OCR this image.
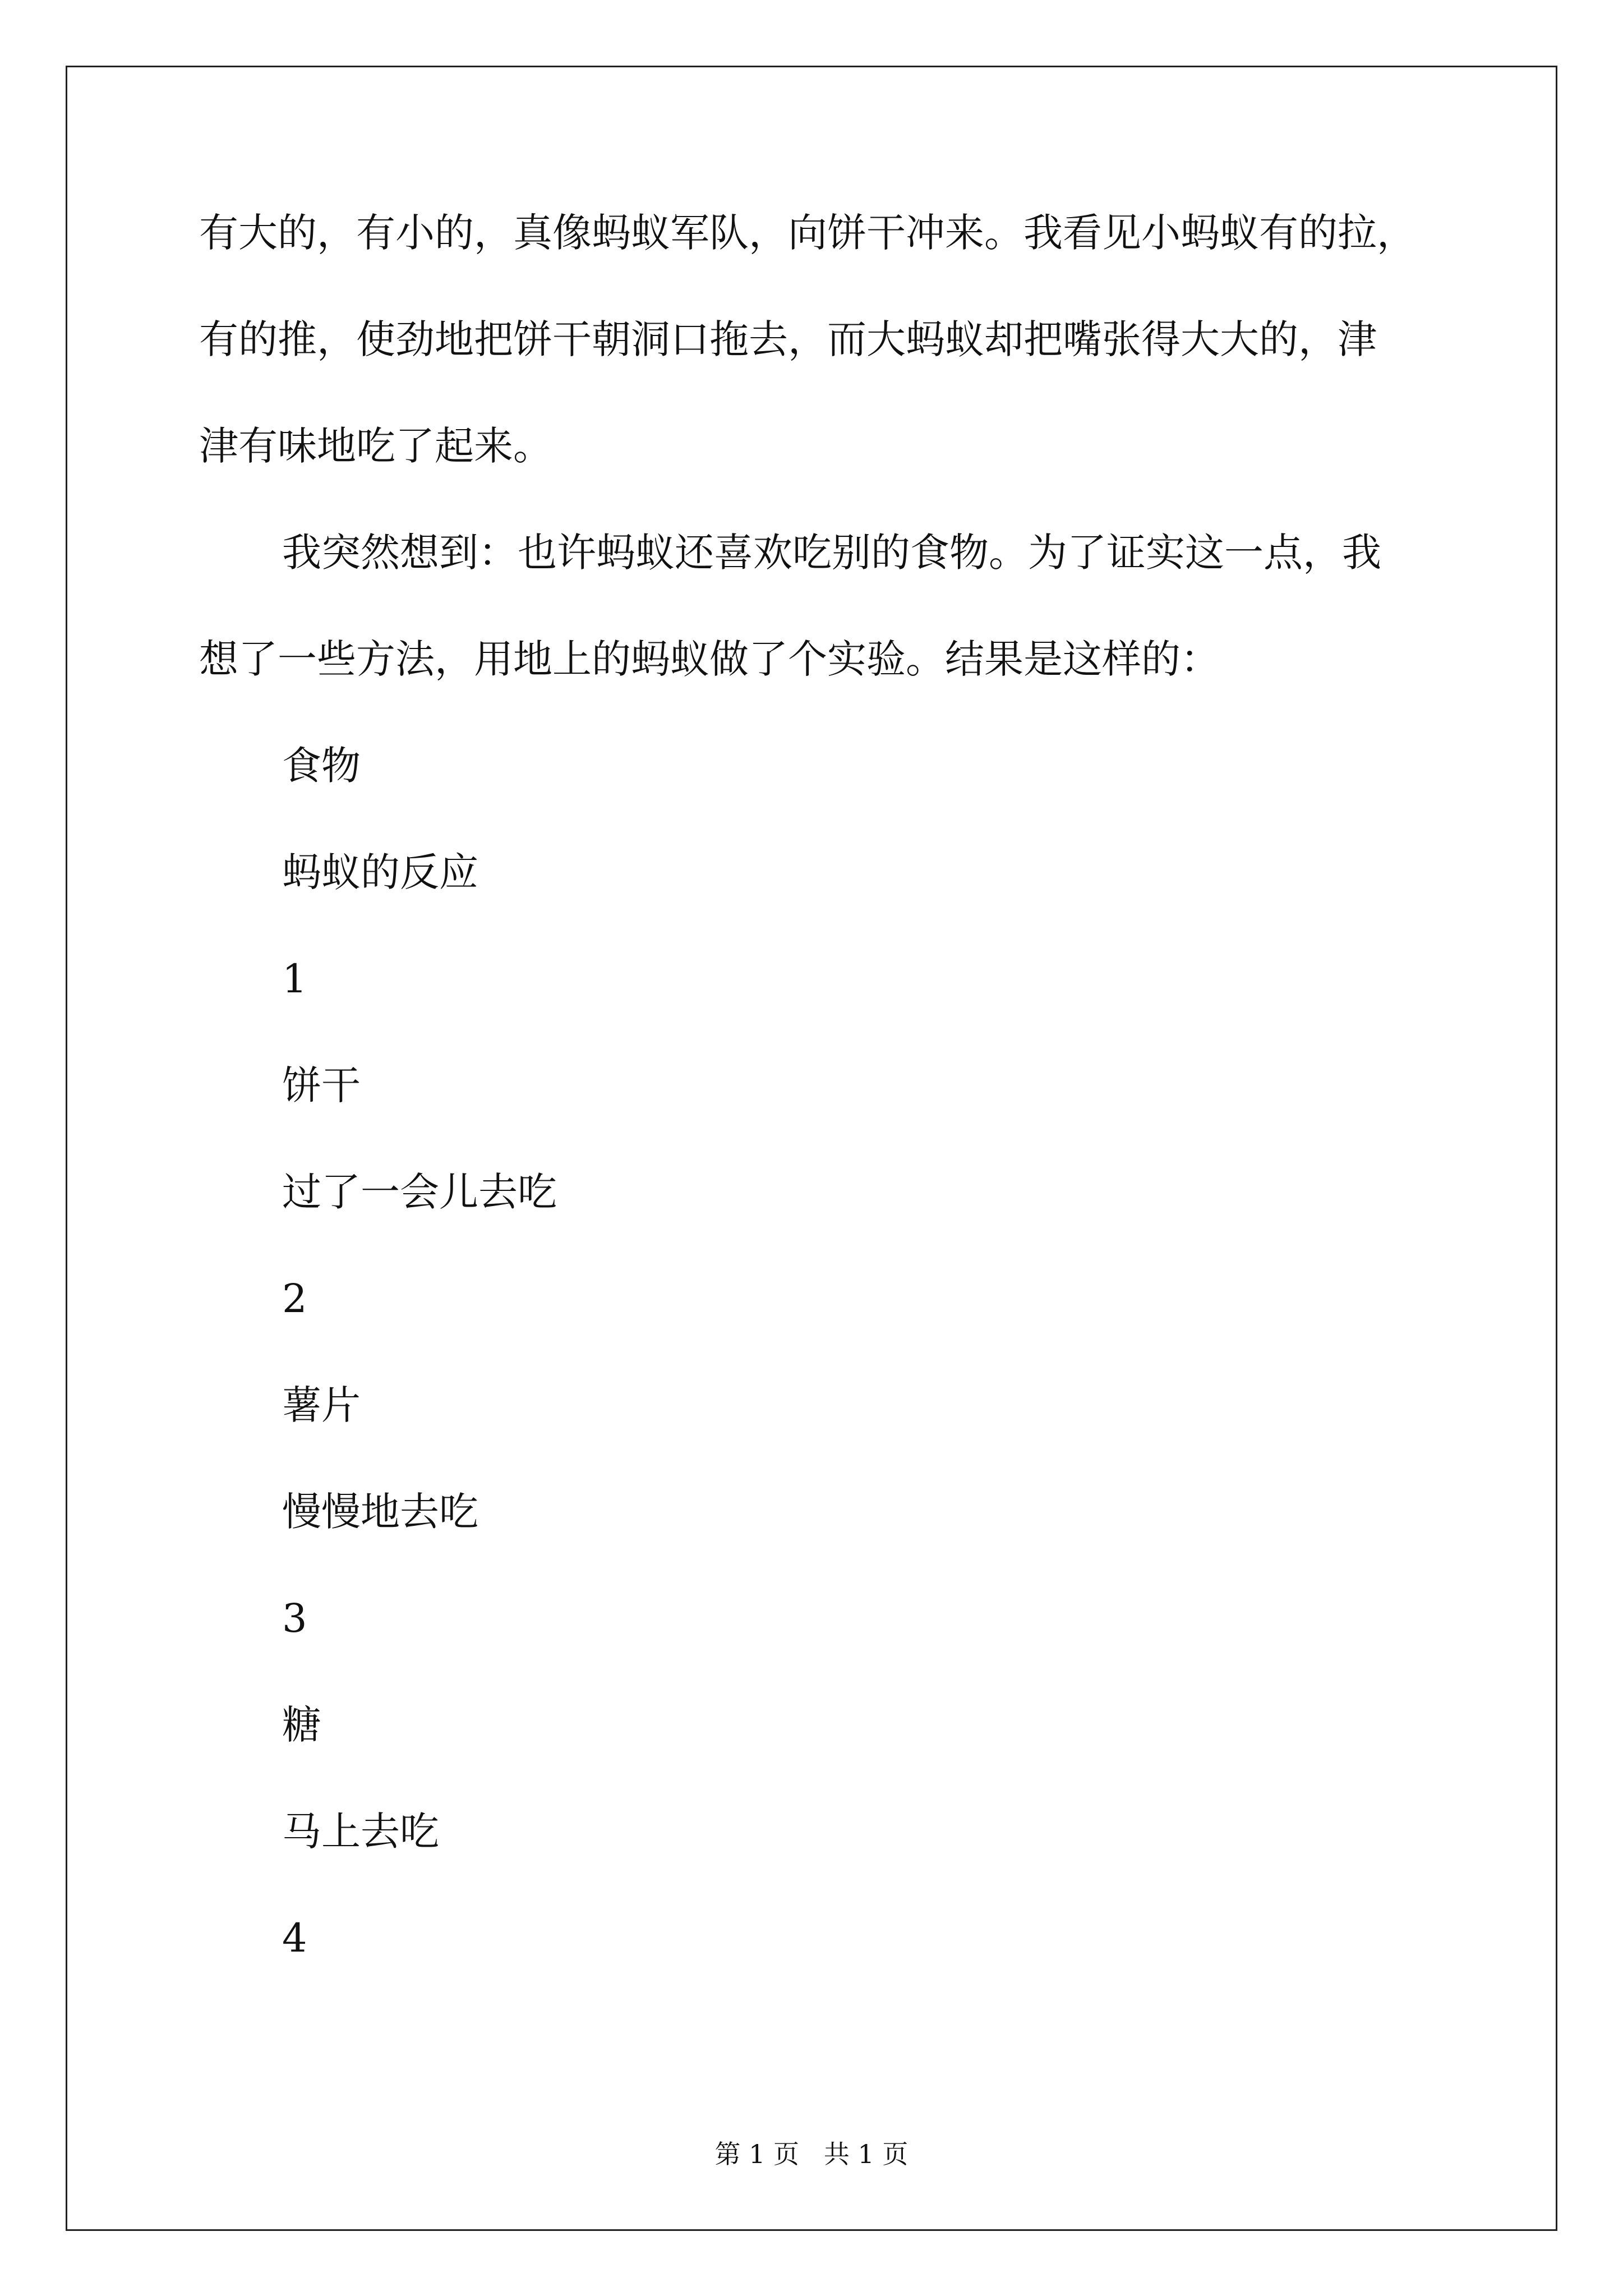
有大的，有小的，真像蚂蚁军队，向饼干冲来。我看见小蚂蚁有的拉，
有的推，使劲地把饼干朝洞口拖去，而大蚂蚁却把嘴张得大大的，津
津有味地吃了起来。
我突然想到：也许蚂蚁还喜欢吃别的食物。为了证实这一点，我
想了一些方法，用地上的蚂蚁做了个实验。结果是这样的：
食物
蚂蚁的反应
1
饼干
过了一会儿去吃
2
薯片
慢慢地去吃
3
糖
马上去吃
4
第 1 页   共 1 页
